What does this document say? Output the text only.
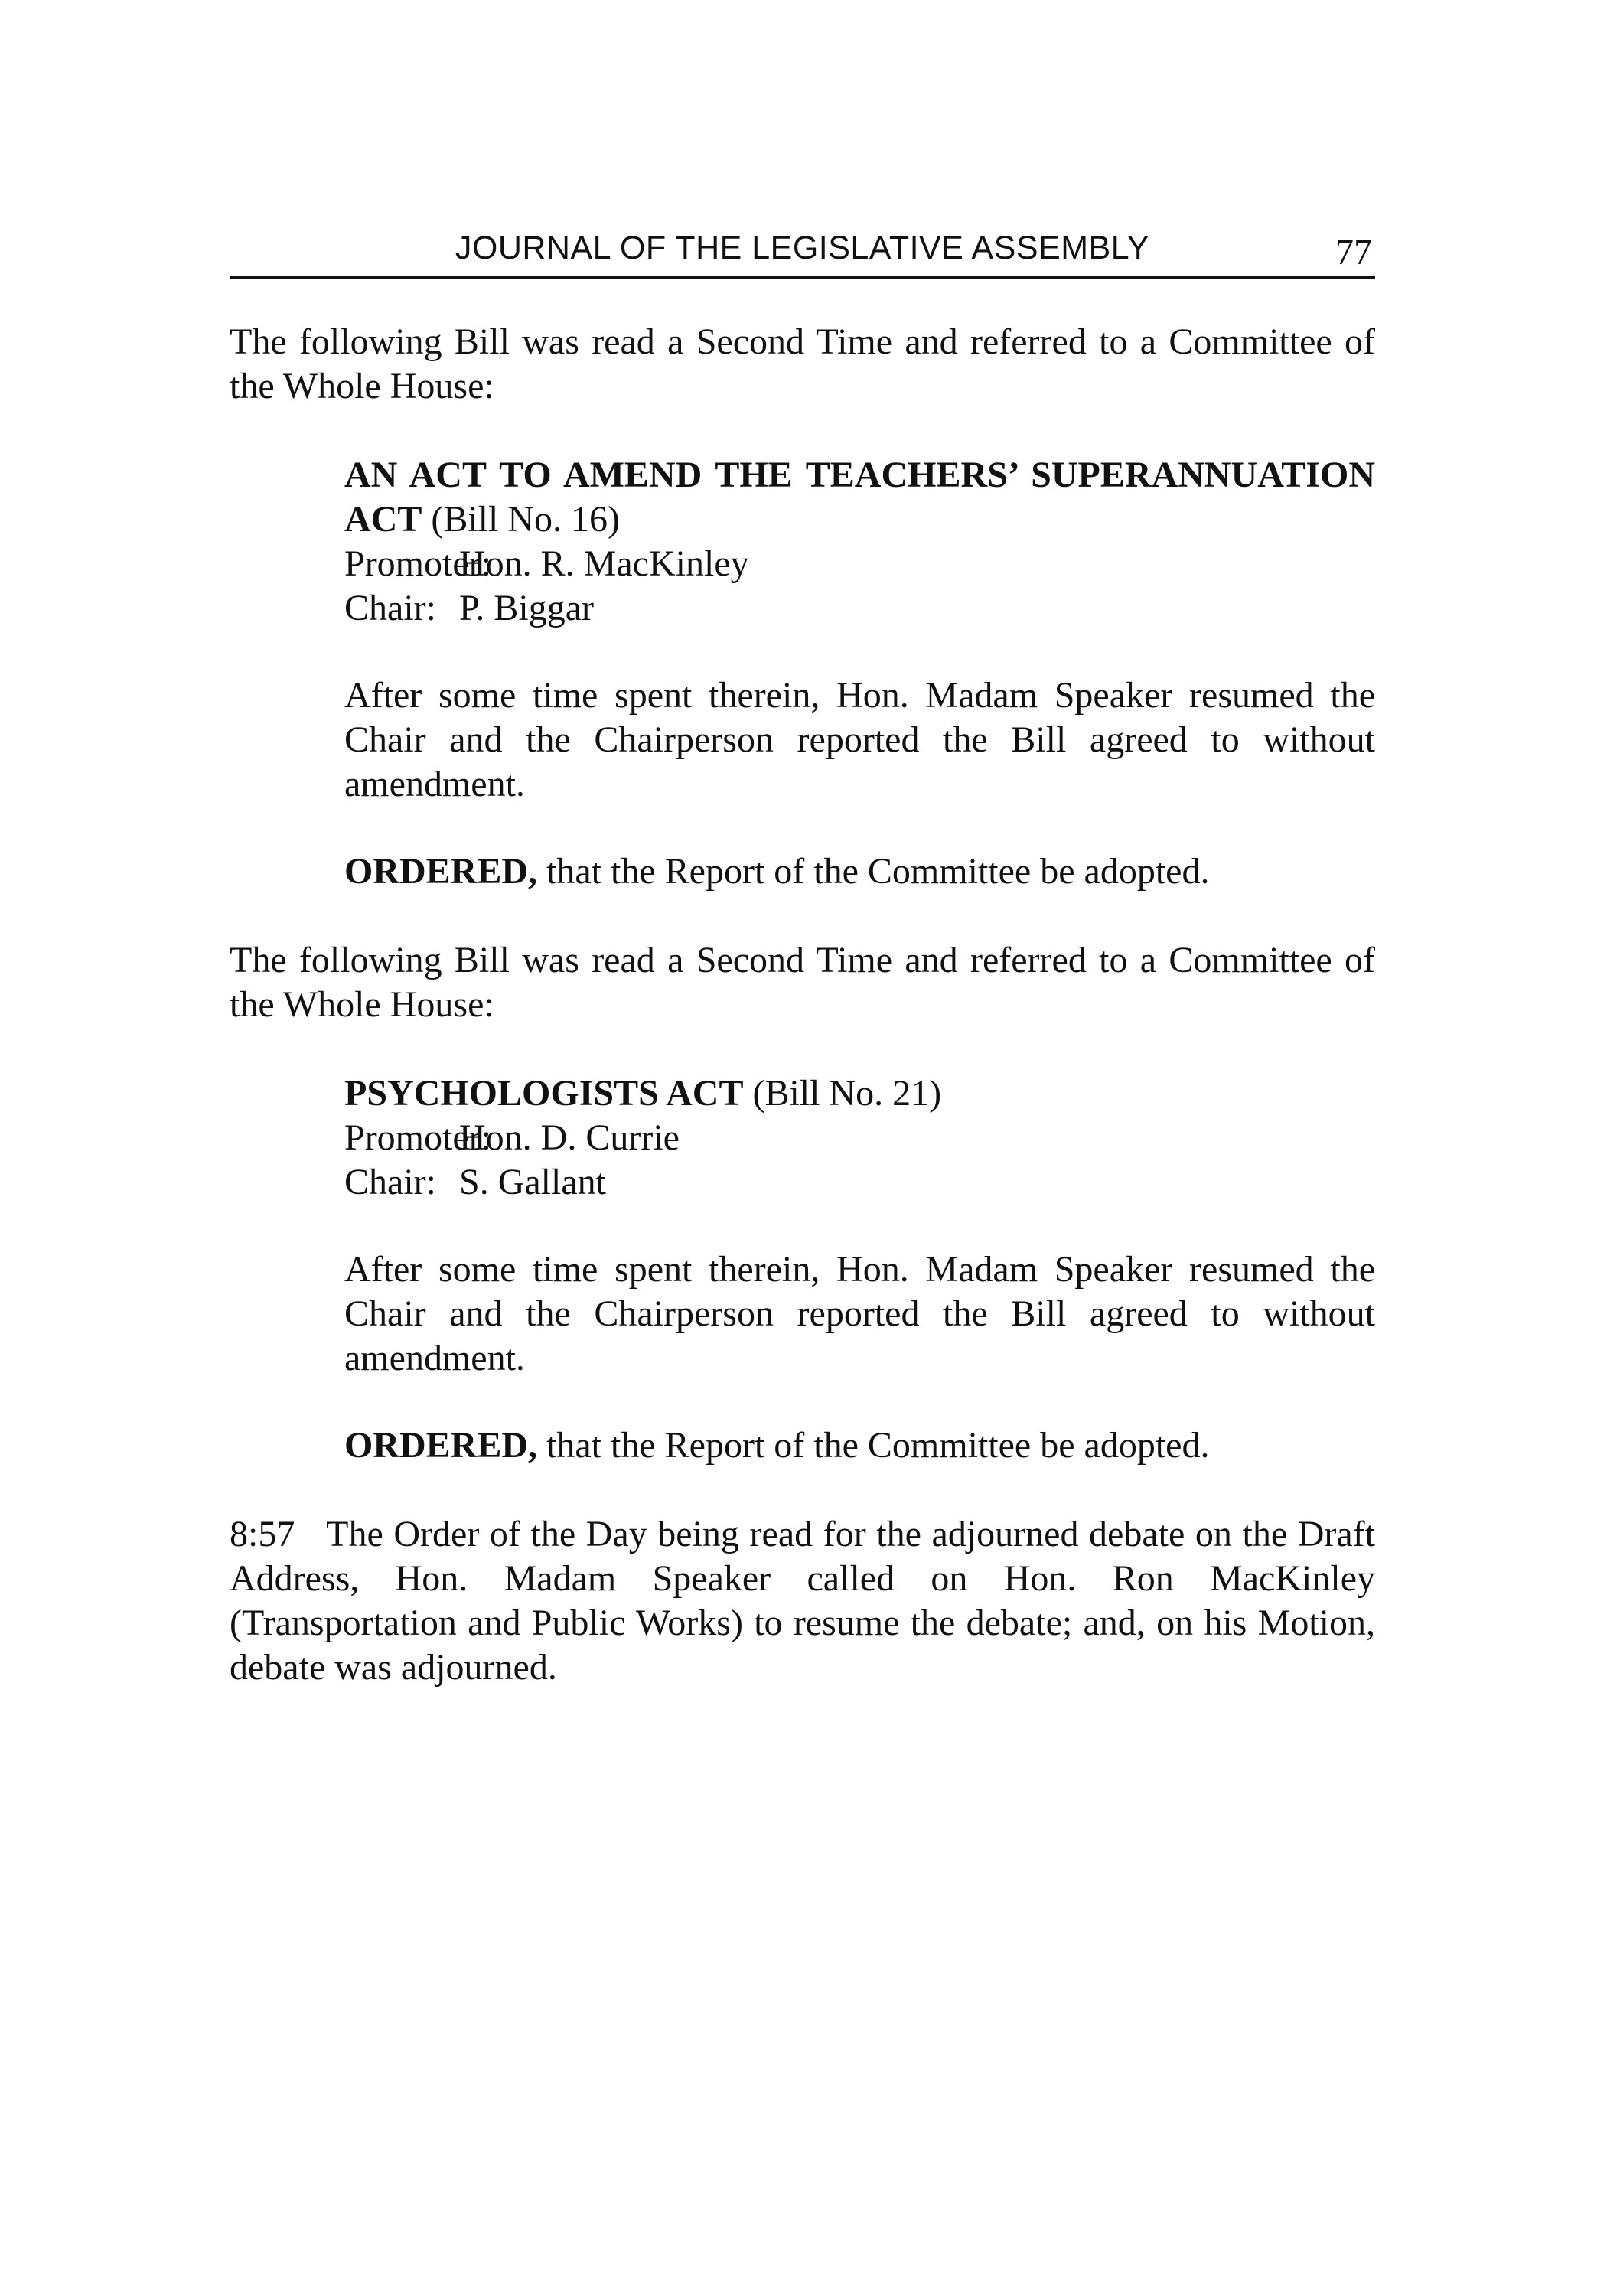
JOURNAL OF THE LEGISLATIVE ASSEMBLY	77

The following Bill was read a Second Time and referred to a Committee of the Whole House:

AN ACT TO AMEND THE TEACHERS’ SUPERANNUATION ACT (Bill No. 16)

Promoter:
Hon. R. MacKinley
Chair: P. Biggar

After some time spent therein, Hon. Madam Speaker resumed the Chair and the Chairperson reported the Bill agreed to without amendment.

ORDERED, that the Report of the Committee be adopted.

The following Bill was read a Second Time and referred to a Committee of the Whole House:

PSYCHOLOGISTS ACT (Bill No. 21)

Promoter:
Hon. D. Currie
Chair: S. Gallant

After some time spent therein, Hon. Madam Speaker resumed the Chair and the Chairperson reported the Bill agreed to without amendment.

ORDERED, that the Report of the Committee be adopted.

8:57 The Order of the Day being read for the adjourned debate on the Draft Address, Hon. Madam Speaker called on Hon. Ron MacKinley (Transportation and Public Works) to resume the debate; and, on his Motion, debate was adjourned.
